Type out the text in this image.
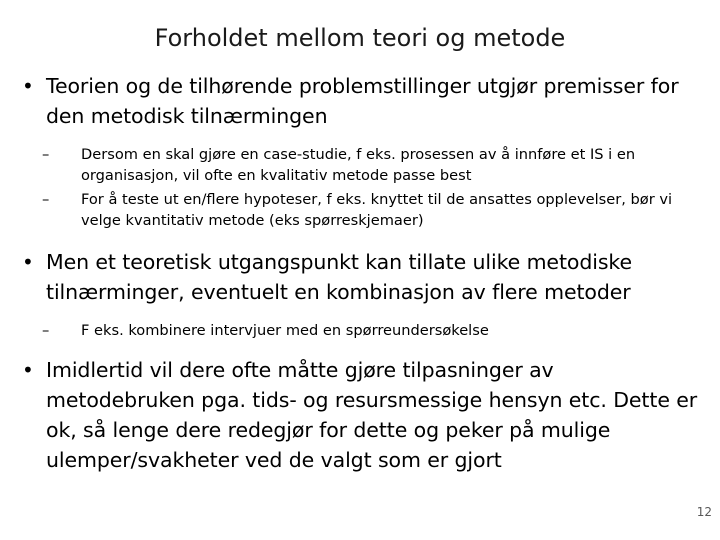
Forholdet mellom teori og metode
• Teorien og de tilhørende problemstillinger utgjør premisser for den metodisk tilnærmingen
– Dersom en skal gjøre en case-studie, f eks. prosessen av å innføre et IS i en organisasjon, vil ofte en kvalitativ metode passe best
– For å teste ut en/flere hypoteser, f eks. knyttet til de ansattes opplevelser, bør vi velge kvantitativ metode (eks spørreskjemaer)
• Men et teoretisk utgangspunkt kan tillate ulike metodiske tilnærminger, eventuelt en kombinasjon av flere metoder
– F eks. kombinere intervjuer med en spørreundersøkelse
• Imidlertid vil dere ofte måtte gjøre tilpasninger av metodebruken pga. tids- og resursmessige hensyn etc. Dette er ok, så lenge dere redegjør for dette og peker på mulige ulemper/svakheter ved de valgt som er gjort
12
